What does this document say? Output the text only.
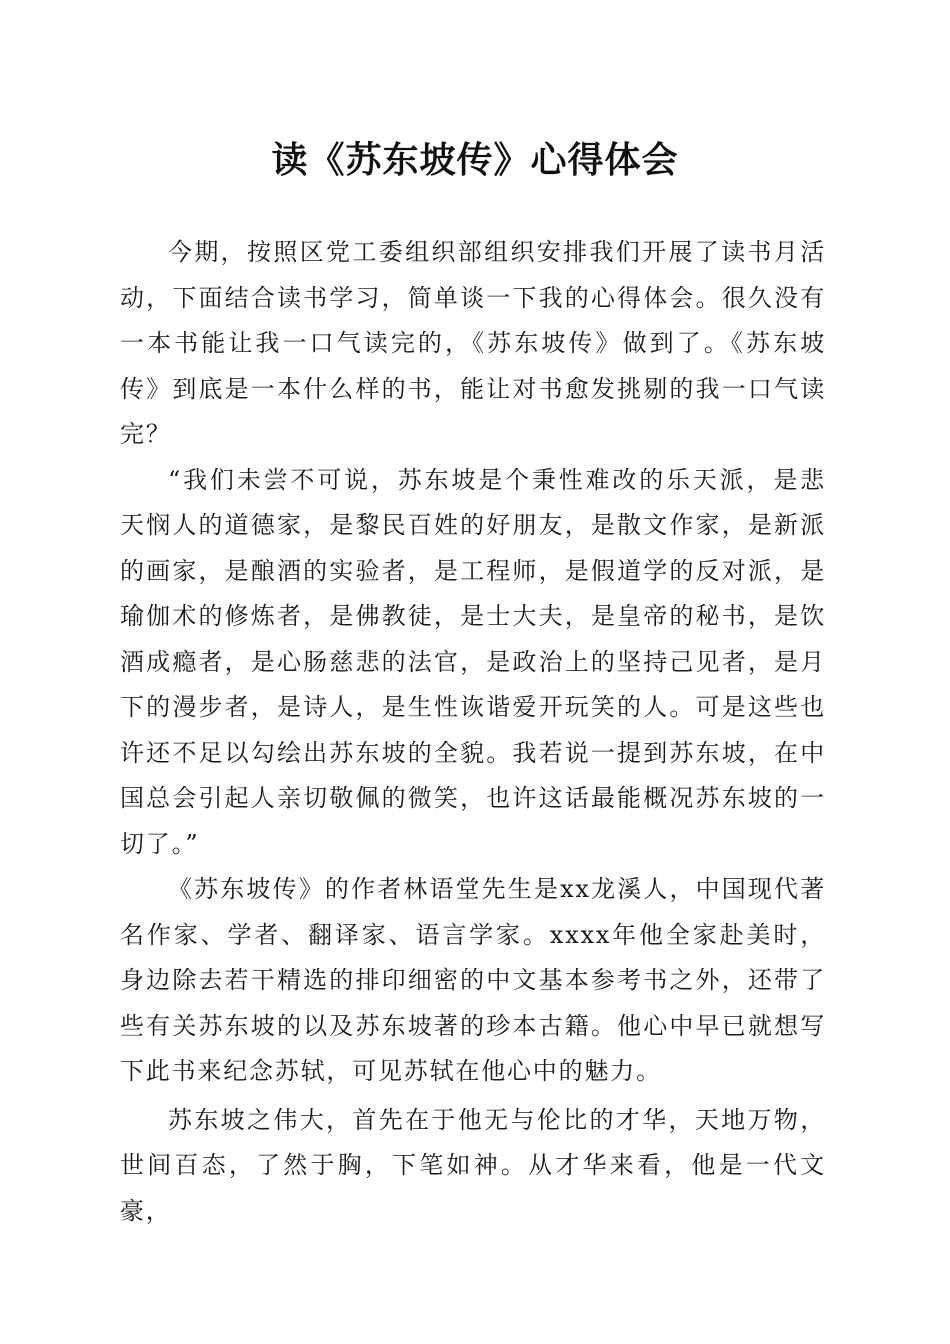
读《苏东坡传》心得体会

今期，按照区党工委组织部组织安排我们开展了读书月活动，下面结合读书学习，简单谈一下我的心得体会。很久没有一本书能让我一口气读完的，《苏东坡传》做到了。《苏东坡传》到底是一本什么样的书，能让对书愈发挑剔的我一口气读完？

“我们未尝不可说，苏东坡是个秉性难改的乐天派，是悲天悯人的道德家，是黎民百姓的好朋友，是散文作家，是新派的画家，是酿酒的实验者，是工程师，是假道学的反对派，是瑜伽术的修炼者，是佛教徒，是士大夫，是皇帝的秘书，是饮酒成瘾者，是心肠慈悲的法官，是政治上的坚持己见者，是月下的漫步者，是诗人，是生性诙谐爱开玩笑的人。可是这些也许还不足以勾绘出苏东坡的全貌。我若说一提到苏东坡，在中国总会引起人亲切敬佩的微笑，也许这话最能概况苏东坡的一切了。”

《苏东坡传》的作者林语堂先生是xx龙溪人，中国现代著名作家、学者、翻译家、语言学家。xxxx年他全家赴美时，身边除去若干精选的排印细密的中文基本参考书之外，还带了些有关苏东坡的以及苏东坡著的珍本古籍。他心中早已就想写下此书来纪念苏轼，可见苏轼在他心中的魅力。

苏东坡之伟大，首先在于他无与伦比的才华，天地万物，世间百态，了然于胸，下笔如神。从才华来看，他是一代文豪，
